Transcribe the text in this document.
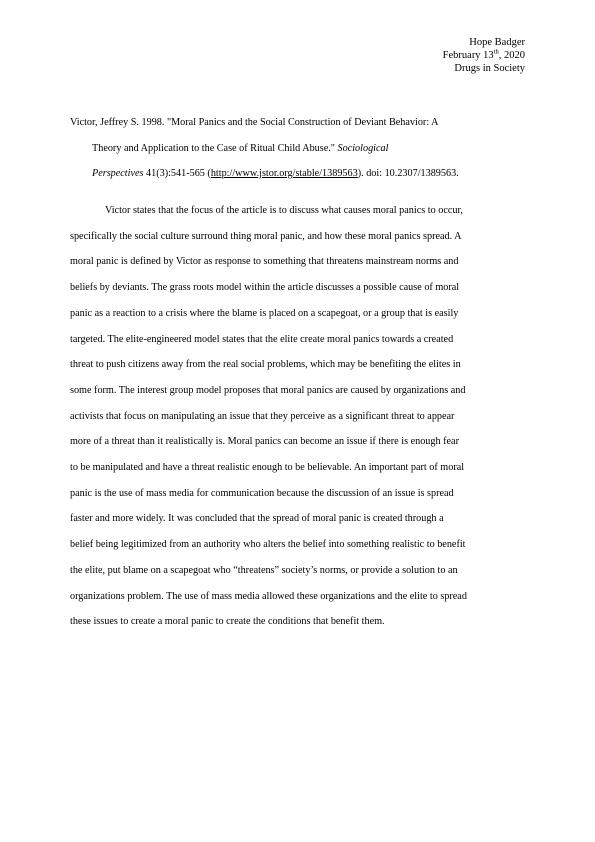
Hope Badger
February 13th, 2020
Drugs in Society
Victor, Jeffrey S. 1998. "Moral Panics and the Social Construction of Deviant Behavior: A
Theory and Application to the Case of Ritual Child Abuse." Sociological
Perspectives 41(3):541-565 (http://www.jstor.org/stable/1389563). doi: 10.2307/1389563.
Victor states that the focus of the article is to discuss what causes moral panics to occur,
specifically the social culture surround thing moral panic, and how these moral panics spread. A
moral panic is defined by Victor as response to something that threatens mainstream norms and
beliefs by deviants. The grass roots model within the article discusses a possible cause of moral
panic as a reaction to a crisis where the blame is placed on a scapegoat, or a group that is easily
targeted. The elite-engineered model states that the elite create moral panics towards a created
threat to push citizens away from the real social problems, which may be benefiting the elites in
some form. The interest group model proposes that moral panics are caused by organizations and
activists that focus on manipulating an issue that they perceive as a significant threat to appear
more of a threat than it realistically is. Moral panics can become an issue if there is enough fear
to be manipulated and have a threat realistic enough to be believable. An important part of moral
panic is the use of mass media for communication because the discussion of an issue is spread
faster and more widely. It was concluded that the spread of moral panic is created through a
belief being legitimized from an authority who alters the belief into something realistic to benefit
the elite, put blame on a scapegoat who “threatens” society’s norms, or provide a solution to an
organizations problem. The use of mass media allowed these organizations and the elite to spread
these issues to create a moral panic to create the conditions that benefit them.
